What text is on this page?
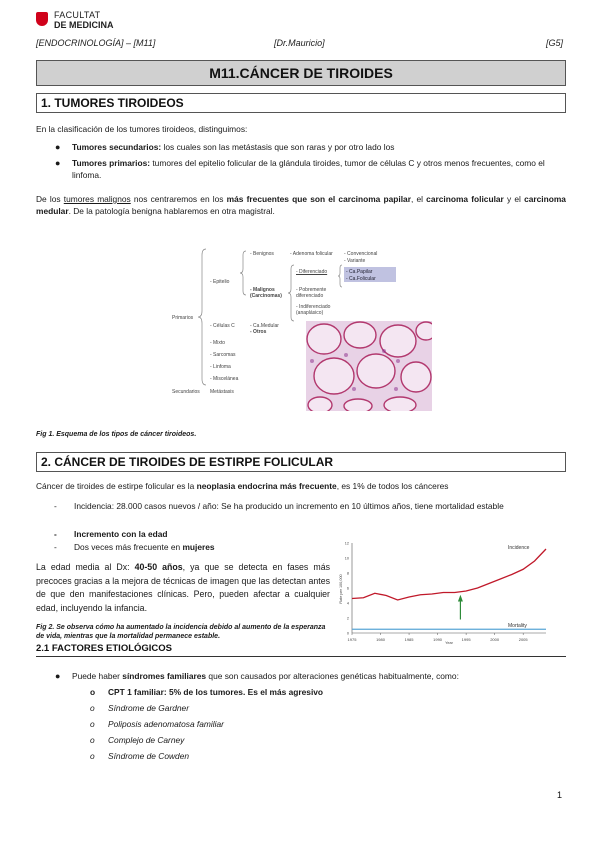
FACULTAT
DE MEDICINA
[ENDOCRINOLOGÍA] – [M11]	[Dr.Mauricio]	[G5]
M11.CÁNCER DE TIROIDES
1. TUMORES TIROIDEOS
En la clasificación de los tumores tiroideos, distinguimos:
● Tumores secundarios: los cuales son las metástasis que son raras y por otro lado los
● Tumores primarios: tumores del epitelio folicular de la glándula tiroides, tumor de células C y otros menos frecuentes, como el linfoma.
De los tumores malignos nos centraremos en los más frecuentes que son el carcinoma papilar, el carcinoma folicular y el carcinoma medular. De la patología benigna hablaremos en otra magistral.
Primarios
Secundarios Metástasis
- Epitelio
- Benignos	- Adenoma folicular - Convencional
- Variante
- Malignos
(Carcinomas)
- Diferenciado	- Ca.Papilar
- Ca.Folicular
- Pobremente
diferenciado
- Indiferenciado
(anaplásico)
- Células C	- Ca.Medular
- Otros
- Mixto
- Sarcomas
- Linfoma
- Miscelánea
Fig 1. Esquema de los tipos de cáncer tiroideos.
2. CÁNCER DE TIROIDES DE ESTIRPE FOLICULAR
Cáncer de tiroides de estirpe folicular es la neoplasia endocrina más frecuente, es 1% de todos los cánceres
- Incidencia: 28.000 casos nuevos / año: Se ha producido un incremento en 10 últimos años, tiene mortalidad estable
- Incremento con la edad
- Dos veces más frecuente en mujeres
La edad media al Dx: 40-50 años, ya que se detecta en fases más precoces gracias a la mejora de técnicas de imagen que las detectan antes de que den manifestaciones clínicas. Pero, pueden afectar a cualquier edad, incluyendo la infancia.
Fig 2. Se observa cómo ha aumentado la incidencia debido al aumento de la esperanza de vida, mientras que la mortalidad permanece estable.	1975	1980	1985	1990	1995	2000	2005
0
2
4
6
8
10
12
Rate per 100,000
Year
Incidence
Mortality
2.1 FACTORES ETIOLÓGICOS
● Puede haber síndromes familiares que son causados por alteraciones genéticas habitualmente, como:
o CPT 1 familiar: 5% de los tumores. Es el más agresivo
o Síndrome de Gardner
o Poliposis adenomatosa familiar
o Complejo de Carney
o Síndrome de Cowden
1
